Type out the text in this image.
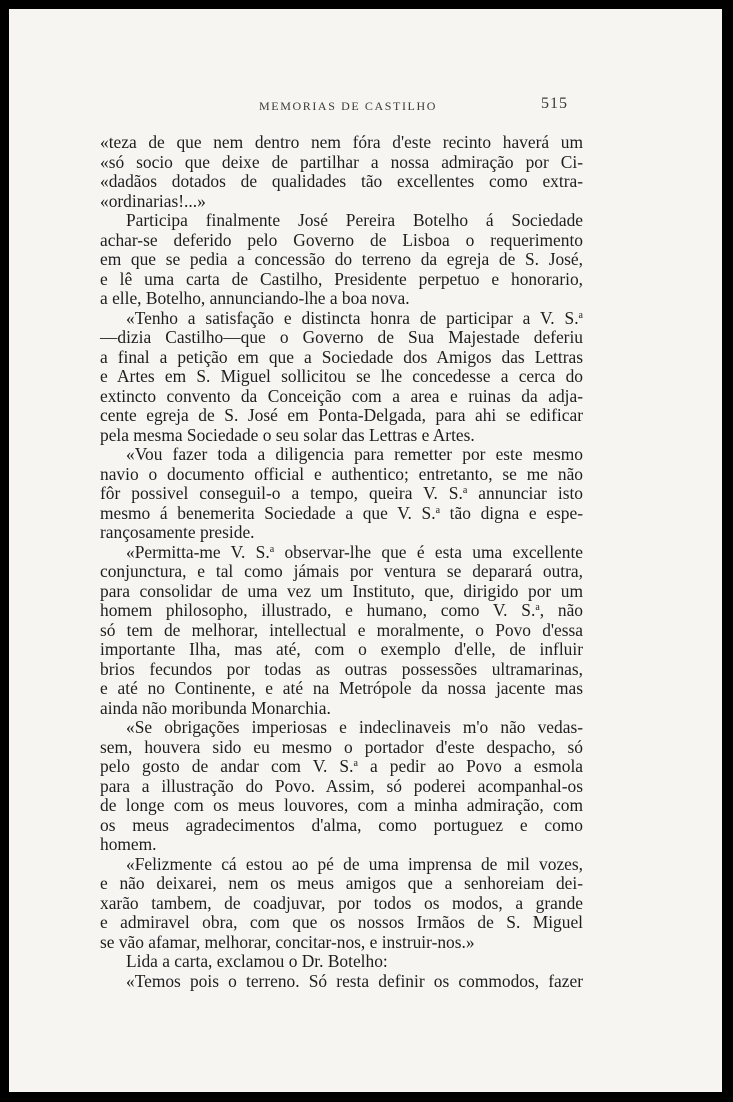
MEMORIAS DE CASTILHO	515
«teza de que nem dentro nem fóra d'este recinto haverá um
«só socio que deixe de partilhar a nossa admiração por Ci-
«dadãos dotados de qualidades tão excellentes como extra-
«ordinarias!...»
Participa finalmente José Pereira Botelho á Sociedade
achar-se deferido pelo Governo de Lisboa o requerimento
em que se pedia a concessão do terreno da egreja de S. José,
e lê uma carta de Castilho, Presidente perpetuo e honorario,
a elle, Botelho, annunciando-lhe a boa nova.
«Tenho a satisfação e distincta honra de participar a V. S.$^a$
—dizia Castilho—que o Governo de Sua Majestade deferiu
a final a petição em que a Sociedade dos Amigos das Lettras
e Artes em S. Miguel sollicitou se lhe concedesse a cerca do
extincto convento da Conceição com a area e ruinas da adja-
cente egreja de S. José em Ponta-Delgada, para ahi se edificar
pela mesma Sociedade o seu solar das Lettras e Artes.
«Vou fazer toda a diligencia para remetter por este mesmo
navio o documento official e authentico; entretanto, se me não
fôr possivel conseguil-o a tempo, queira V. S.$^a$ annunciar isto
mesmo á benemerita Sociedade a que V. S.$^a$ tão digna e espe-
rançosamente preside.
«Permitta-me V. S.$^a$ observar-lhe que é esta uma excellente
conjunctura, e tal como jámais por ventura se deparará outra,
para consolidar de uma vez um Instituto, que, dirigido por um
homem philosopho, illustrado, e humano, como V. S.$^a$, não
só tem de melhorar, intellectual e moralmente, o Povo d'essa
importante Ilha, mas até, com o exemplo d'elle, de influir
brios fecundos por todas as outras possessões ultramarinas,
e até no Continente, e até na Metrópole da nossa jacente mas
ainda não moribunda Monarchia.
«Se obrigações imperiosas e indeclinaveis m'o não vedas-
sem, houvera sido eu mesmo o portador d'este despacho, só
pelo gosto de andar com V. S.$^a$ a pedir ao Povo a esmola
para a illustração do Povo. Assim, só poderei acompanhal-os
de longe com os meus louvores, com a minha admiração, com
os meus agradecimentos d'alma, como portuguez e como
homem.
«Felizmente cá estou ao pé de uma imprensa de mil vozes,
e não deixarei, nem os meus amigos que a senhoreiam dei-
xarão tambem, de coadjuvar, por todos os modos, a grande
e admiravel obra, com que os nossos Irmãos de S. Miguel
se vão afamar, melhorar, concitar-nos, e instruir-nos.»
Lida a carta, exclamou o Dr. Botelho:
«Temos pois o terreno. Só resta definir os commodos, fazer
